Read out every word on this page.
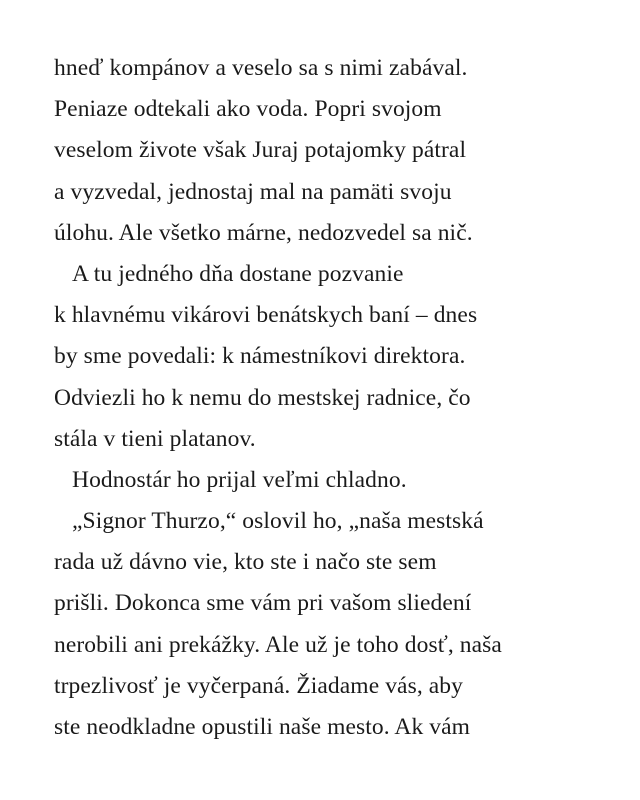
hneď kompánov a veselo sa s nimi zabával.
Peniaze odtekali ako voda. Popri svojom
veselom živote však Juraj potajomky pátral
a vyzvedal, jednostaj mal na pamäti svoju
úlohu. Ale všetko márne, nedozvedel sa nič.
A tu jedného dňa dostane pozvanie
k hlavnému vikárovi benátskych baní – dnes
by sme povedali: k námestníkovi direktora.
Odviezli ho k nemu do mestskej radnice, čo
stála v tieni platanov.
Hodnostár ho prijal veľmi chladno.
„Signor Thurzo,“ oslovil ho, „naša mestská
rada už dávno vie, kto ste i načo ste sem
prišli. Dokonca sme vám pri vašom sliedení
nerobili ani prekážky. Ale už je toho dosť, naša
trpezlivosť je vyčerpaná. Žiadame vás, aby
ste neodkladne opustili naše mesto. Ak vám
